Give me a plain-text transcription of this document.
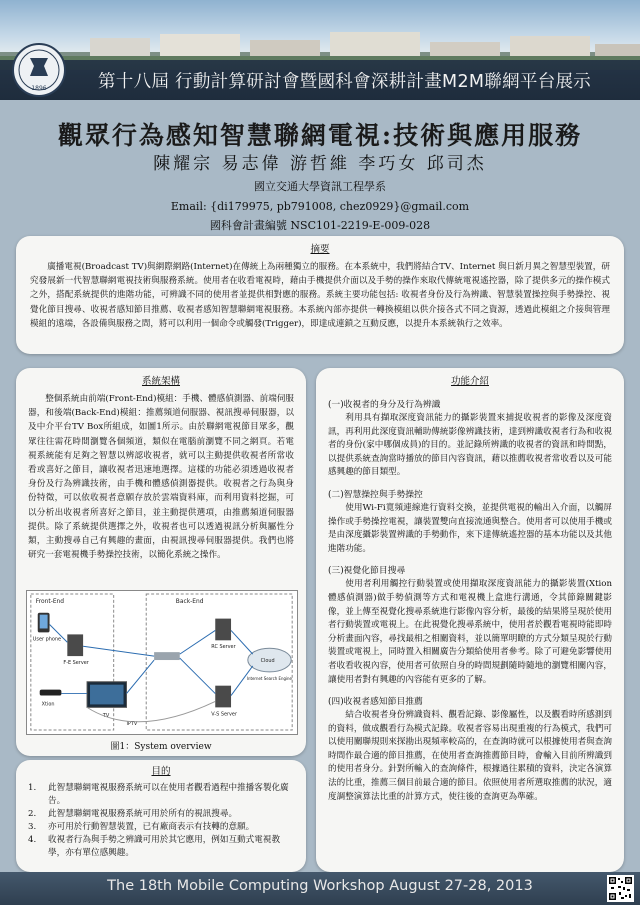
1896	第十八屆 行動計算研討會暨國科會深耕計畫M2M聯網平台展示
觀眾行為感知智慧聯網電視:技術與應用服務
陳耀宗 易志偉 游哲維 李巧女 邱司杰
國立交通大學資訊工程學系
Email: {di179975, pb791008, chez0929}@gmail.com
國科會計畫編號 NSC101-2219-E-009-028
摘要
廣播電視(Broadcast TV)與網際網路(Internet)在傳統上為兩種獨立的服務。在本系統中，我們將結合TV、Internet 與日新月異之智慧型裝置，研究發展新一代智慧聯網電視技術與服務系統。使用者在收看電視時，藉由手機提供介面以及手勢的操作來取代傳統電視遙控器，除了提供多元的操作模式之外，搭配系統提供的進階功能，可辨識不同的使用者並提供相對應的服務。系統主要功能包括: 收視者身份及行為辨識、智慧裝置操控與手勢操控、視覺化節目搜尋、收視者感知節目推薦、收視者感知智慧聯網電視服務。本系統內部亦提供一轉換模組以供介接各式不同之資源，透過此模組之介接與管理模組的遠端，各設備與服務之間，將可以利用一個命令或觸發(Trigger)，即達成連鎖之互動反應，以提升本系統執行之效率。
系統架構
整個系統由前端(Front-End)模組：手機、體感偵測器、前端伺服器，和後端(Back-End)模組：推薦頻道伺服器、視訊搜尋伺服器，以及中介平台TV Box所組成，如圖1所示。由於聯網電視節目眾多，觀眾往往需花時間瀏覽各個頻道，類似在電腦前瀏覽不同之網頁。若電視系統能有足夠之智慧以辨認收視者，就可以主動提供收視者所常收看或喜好之節目，讓收視者迅速地選擇。這樣的功能必須透過收視者身份及行為辨識技術，由手機和體感偵測器提供。收視者之行為與身份特徵，可以依收視者意願存放於雲端資料庫，而利用資料挖掘，可以分析出收視者所喜好之節目，並主動提供選項，由推薦頻道伺服器提供。除了系統提供選擇之外，收視者也可以透過視訊分析與屬性分類，主動搜尋自己有興趣的畫面，由視訊搜尋伺服器提供。我們也將研究一套電視機手勢操控技術，以簡化系統之操作。
Front-End	Back-End
User phone
F-E Server
Xtion
TV
RC Server
V-S Server
Cloud
Internet Search Engine
IPTV
圖1：System overview
目的
1.	此智慧聯網電視服務系統可以在使用者觀看過程中推播客製化廣告。
2.	此智慧聯網電視服務系統可用於所有的視訊搜尋。
3.	亦可用於行動智慧裝置，已有廠商表示有技轉的意願。
4.	收視者行為與手勢之辨識可用於其它應用，例如互動式電視教學，亦有單位感興趣。
功能介紹
(一)收視者的身分及行為辨識
利用具有擷取深度資訊能力的攝影裝置來捕捉收視者的影像及深度資訊，再利用此深度資訊輔助傳統影像辨識技術，達到辨識收視者行為和收視者的身份(家中哪個成員)的目的。並記錄所辨識的收視者的資訊和時間點，以提供系統查詢當時播放的節目內容資訊，藉以推薦收視者常收看以及可能感興趣的節目類型。
(二)智慧操控與手勢操控
使用Wi-Fi寬頻連線進行資料交換，並提供電視的輸出入介面，以觸屏操作或手勢操控電視，讓裝置雙向直接流通與整合。使用者可以使用手機或是由深度攝影裝置辨識的手勢動作，來下達傳統遙控器的基本功能以及其他進階功能。
(三)視覺化節目搜尋
使用者利用觸控行動裝置或使用擷取深度資訊能力的攝影裝置(Xtion體感偵測器)做手勢偵測等方式和電視機上盒進行溝通，令其節錄關鍵影像，並上傳至視覺化搜尋系統進行影像內容分析，最後的結果將呈現於使用者行動裝置或電視上。在此視覺化搜尋系統中，使用者於觀看電視時能即時分析畫面內容，尋找最相之相關資料，並以簡單明瞭的方式分類呈現於行動裝置或電視上，同時置入相關廣告分類給使用者參考。除了可避免影響使用者收看收視內容，使用者可依照自身的時間規劃隨時隨地的瀏覽相關內容，讓使用者對有興趣的內容能有更多的了解。
(四)收視者感知節目推薦
結合收視者身份辨識資料、觀看記錄、影像屬性，以及觀看時所感測到的資料，做成觀看行為模式記錄。收視者容易出現重複的行為模式，我們可以使用關聯規則來探勘出現頻率較高的，在查詢時就可以根據使用者與查詢時間作最合適的節目推薦，在使用者查詢推薦節目時，會輸入目前所辨識到的使用者身分。針對所輸入的查詢條件，根據過往累積的資料，決定各演算法的比重，推薦三個目前最合適的節目。依照使用者所選取推薦的狀況，適度調整演算法比重的計算方式，使往後的查詢更為準確。
The 18th Mobile Computing Workshop August 27-28, 2013
